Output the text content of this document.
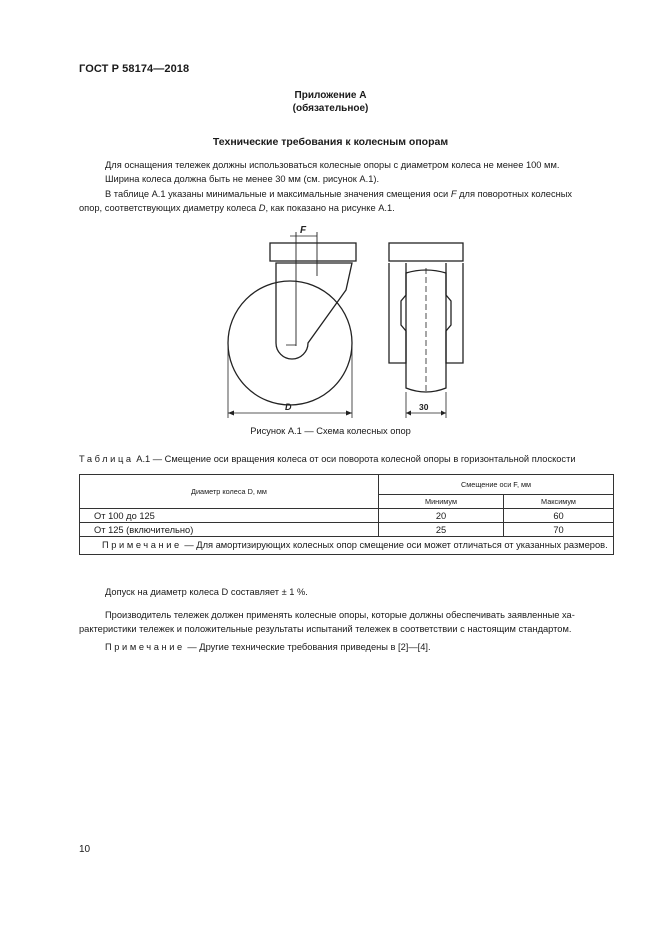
ГОСТ Р 58174—2018
Приложение А
(обязательное)
Технические требования к колесным опорам
Для оснащения тележек должны использоваться колесные опоры с диаметром колеса не менее 100 мм.
Ширина колеса должна быть не менее 30 мм (см. рисунок А.1).
В таблице А.1 указаны минимальные и максимальные значения смещения оси F для поворотных колесных
опор, соответствующих диаметру колеса D, как показано на рисунке А.1.
F
D	30
Рисунок А.1 — Схема колесных опор
Таблица А.1 — Смещение оси вращения колеса от оси поворота колесной опоры в горизонтальной плоскости
Диаметр колеса D, мм	Смещение оси F, мм	
	Минимум	Максимум
От 100 до 125	20	60
От 125 (включительно)	25	70
Примечание — Для амортизирующих колесных опор смещение оси может отличаться от указанных размеров.		
Допуск на диаметр колеса D составляет ± 1 %.
Производитель тележек должен применять колесные опоры, которые должны обеспечивать заявленные ха-
рактеристики тележек и положительные результаты испытаний тележек в соответствии с настоящим стандартом.
Примечание — Другие технические требования приведены в [2]—[4].
10
